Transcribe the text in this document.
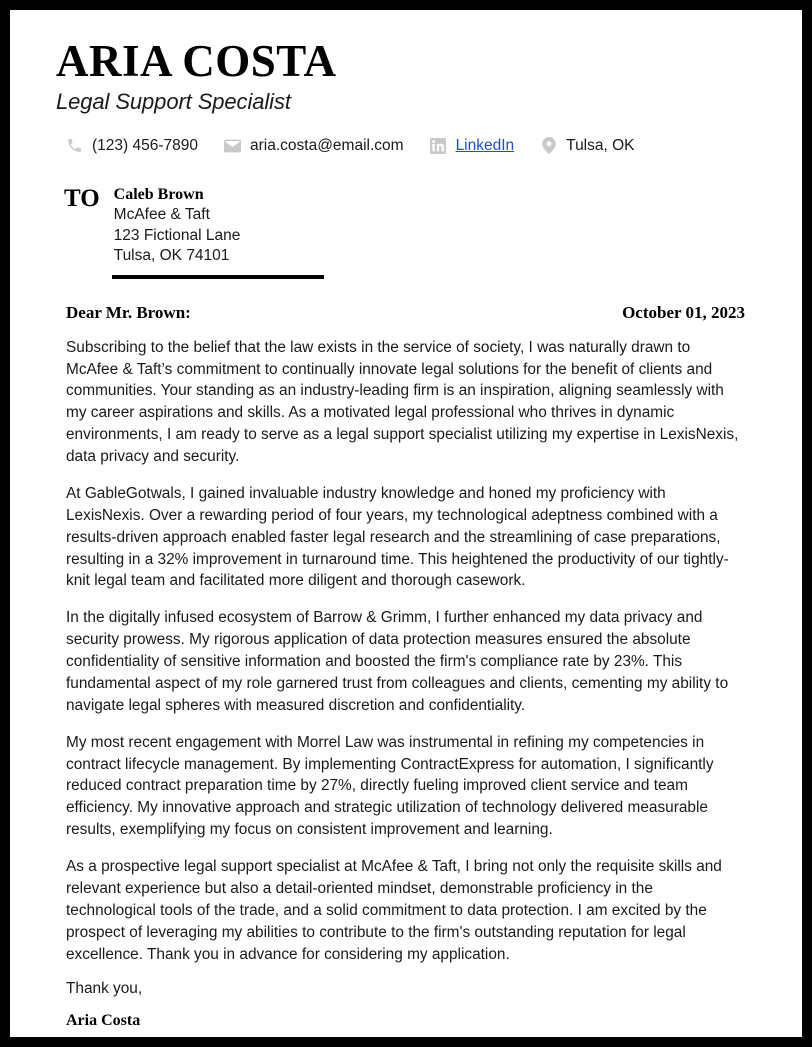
ARIA COSTA
Legal Support Specialist
(123) 456-7890	aria.costa@email.com	LinkedIn	Tulsa, OK
TO Caleb Brown
McAfee & Taft
123 Fictional Lane
Tulsa, OK 74101
Dear Mr. Brown:	October 01, 2023

Subscribing to the belief that the law exists in the service of society, I was naturally drawn to McAfee & Taft’s commitment to continually innovate legal solutions for the benefit of clients and communities. Your standing as an industry-leading firm is an inspiration, aligning seamlessly with my career aspirations and skills. As a motivated legal professional who thrives in dynamic environments, I am ready to serve as a legal support specialist utilizing my expertise in LexisNexis, data privacy and security.

At GableGotwals, I gained invaluable industry knowledge and honed my proficiency with LexisNexis. Over a rewarding period of four years, my technological adeptness combined with a results-driven approach enabled faster legal research and the streamlining of case preparations, resulting in a 32% improvement in turnaround time. This heightened the productivity of our tightly-knit legal team and facilitated more diligent and thorough casework.

In the digitally infused ecosystem of Barrow & Grimm, I further enhanced my data privacy and security prowess. My rigorous application of data protection measures ensured the absolute confidentiality of sensitive information and boosted the firm's compliance rate by 23%. This fundamental aspect of my role garnered trust from colleagues and clients, cementing my ability to navigate legal spheres with measured discretion and confidentiality.

My most recent engagement with Morrel Law was instrumental in refining my competencies in contract lifecycle management. By implementing ContractExpress for automation, I significantly reduced contract preparation time by 27%, directly fueling improved client service and team efficiency. My innovative approach and strategic utilization of technology delivered measurable results, exemplifying my focus on consistent improvement and learning.

As a prospective legal support specialist at McAfee & Taft, I bring not only the requisite skills and relevant experience but also a detail-oriented mindset, demonstrable proficiency in the technological tools of the trade, and a solid commitment to data protection. I am excited by the prospect of leveraging my abilities to contribute to the firm's outstanding reputation for legal excellence. Thank you in advance for considering my application.

Thank you,
Aria Costa
